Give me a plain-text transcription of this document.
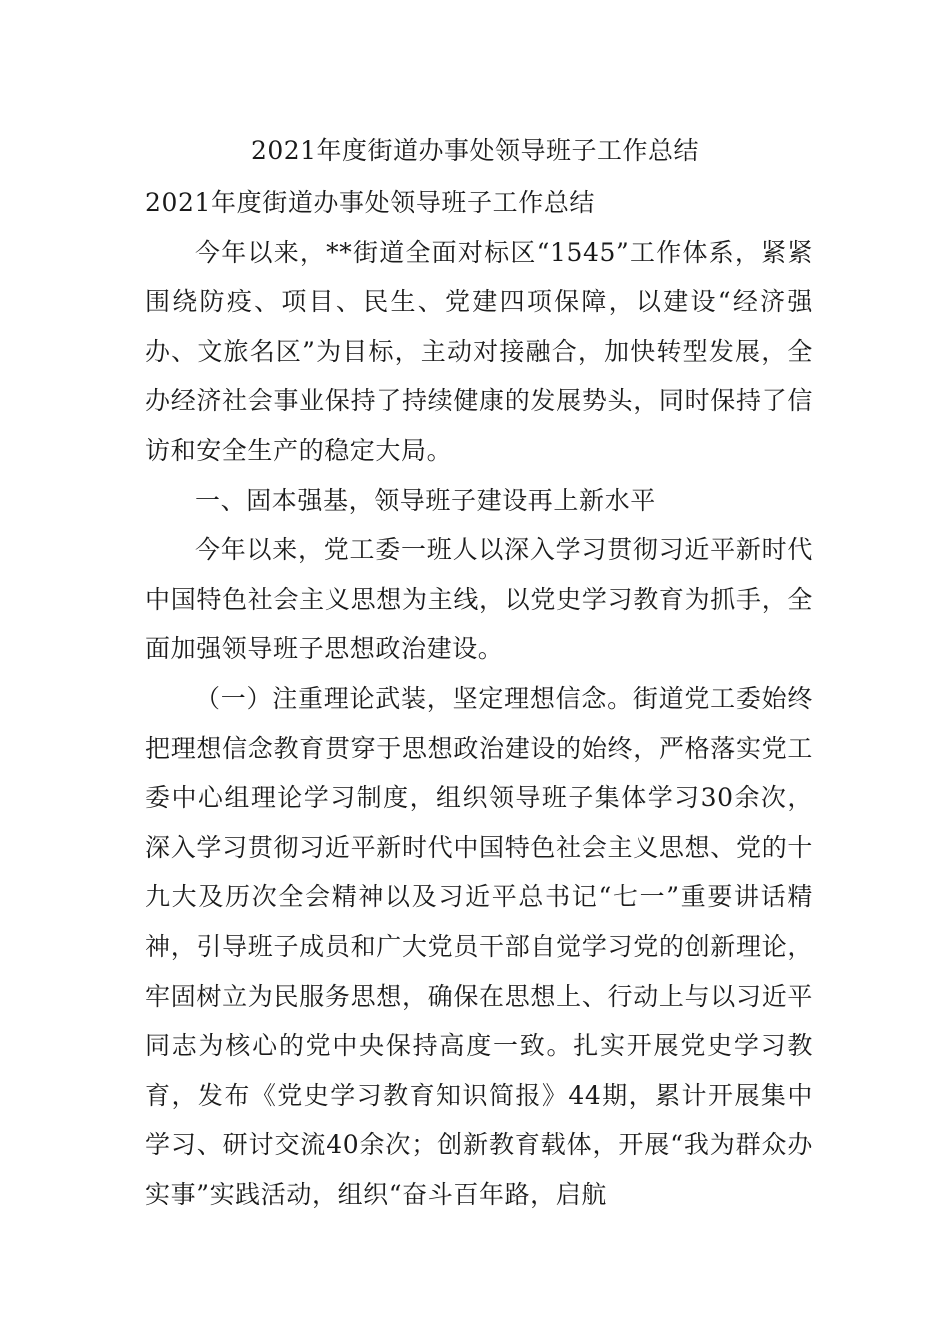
2021年度街道办事处领导班子工作总结

2021年度街道办事处领导班子工作总结

今年以来，**街道全面对标区“1545”工作体系，紧紧围绕防疫、项目、民生、党建四项保障，以建设“经济强办、文旅名区”为目标，主动对接融合，加快转型发展，全办经济社会事业保持了持续健康的发展势头，同时保持了信访和安全生产的稳定大局。

一、固本强基，领导班子建设再上新水平

今年以来，党工委一班人以深入学习贯彻习近平新时代中国特色社会主义思想为主线，以党史学习教育为抓手，全面加强领导班子思想政治建设。

（一）注重理论武装，坚定理想信念。街道党工委始终把理想信念教育贯穿于思想政治建设的始终，严格落实党工委中心组理论学习制度，组织领导班子集体学习30余次，深入学习贯彻习近平新时代中国特色社会主义思想、党的十九大及历次全会精神以及习近平总书记“七一”重要讲话精神，引导班子成员和广大党员干部自觉学习党的创新理论，牢固树立为民服务思想，确保在思想上、行动上与以习近平同志为核心的党中央保持高度一致。扎实开展党史学习教育，发布《党史学习教育知识简报》44期，累计开展集中学习、研讨交流40余次；创新教育载体，开展“我为群众办实事”实践活动，组织“奋斗百年路，启航
